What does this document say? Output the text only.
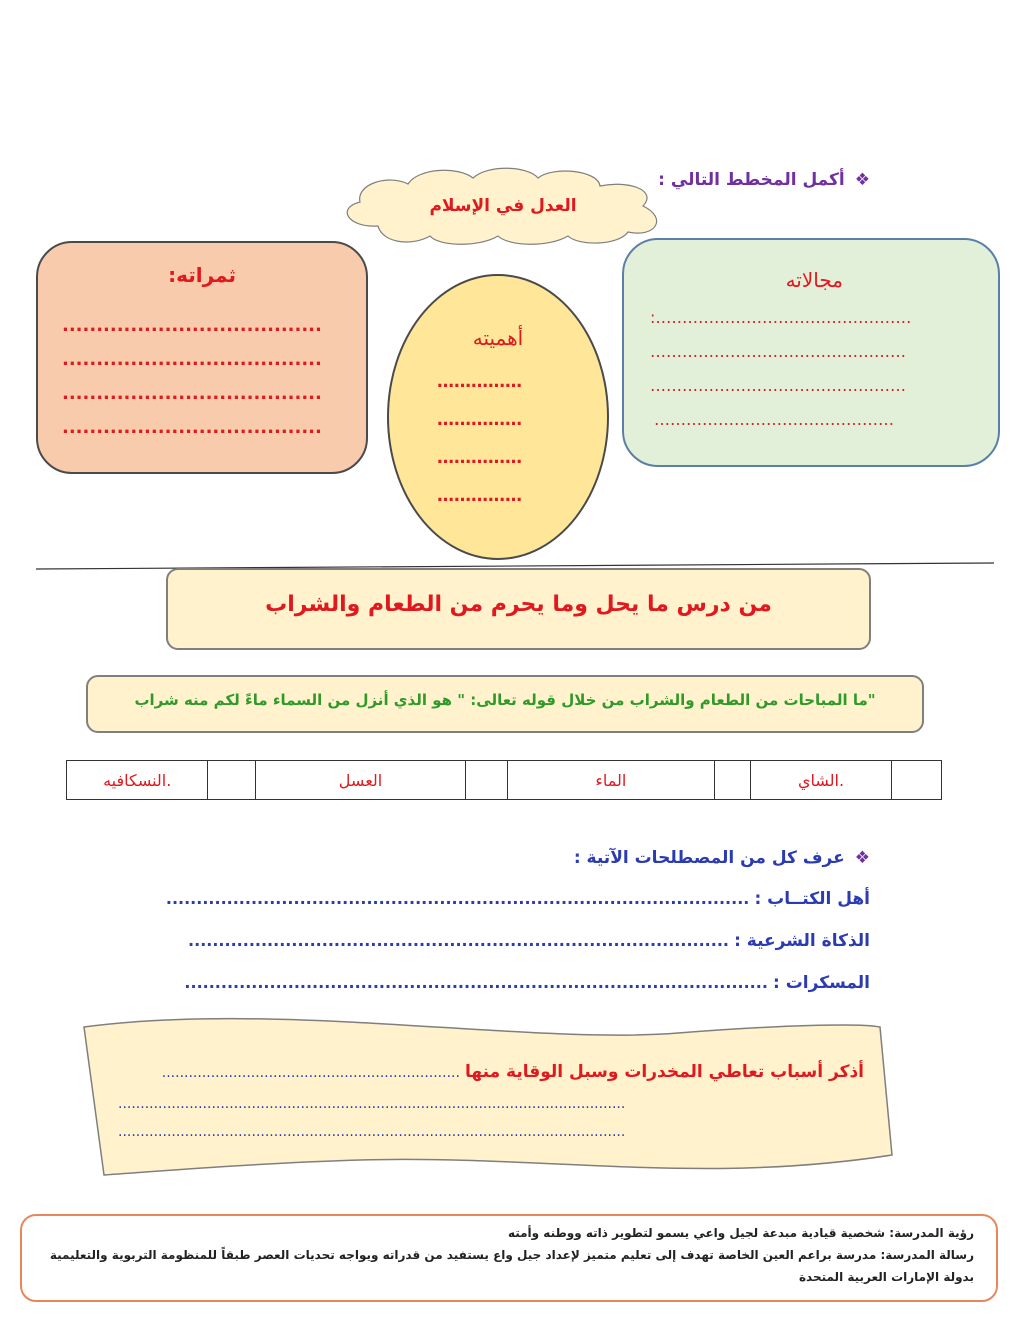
❖أكمل المخطط التالي :
العدل في الإسلام
ثمراته:
......................................
......................................
......................................
......................................
أهميته
……………
……………
……………
……………
مجالاته
:…………………………………………
…………………………………………
…………………………………………
………………………………………
من درس ما يحل وما يحرم من الطعام والشراب
"ما المباحات من الطعام والشراب من خلال قوله تعالى: " هو الذي أنزل من السماء ماءً لكم منه شراب
النسكافيه.		العسل		الماء		الشاي.	
❖عرف كل من المصطلحات الآتية :
أهل الكتــاب : ................................................................................................
الذكاة الشرعية : .........................................................................................
المسكرات : ................................................................................................
أذكر أسباب تعاطي المخدرات وسبل الوقاية منها ...................................................................
..................................................................................................................
..................................................................................................................
رؤية المدرسة: شخصية قيادية مبدعة لجيل واعي يسمو لتطوير ذاته ووطنه وأمته
رسالة المدرسة: مدرسة براعم العين الخاصة تهدف إلى تعليم متميز لإعداد جيل واع يستفيد من قدراته ويواجه تحديات العصر طبقاً للمنظومة التربوية والتعليمية
بدولة الإمارات العربية المتحدة
